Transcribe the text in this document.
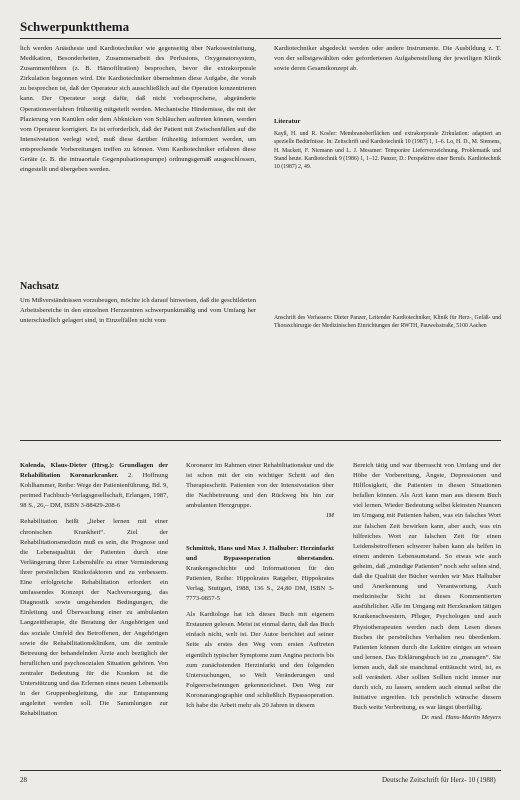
Schwerpunktthema

lich werden Anästhesie und Kardiotechniker wie gegenseitig über Narkoseeinleitung, Medikation, Besonderheiten, Zusammenarbeit des Perfusions, Oxygenatorsystem, Zusammenführen (z. B. Hämofiltration) besprochen, bevor die extrakorporale Zirkulation begonnen wird. Die Kardiotechniker übernehmen diese Aufgabe, die vorab zu besprechen ist, daß der Operateur sich ausschließlich auf die Operation konzentrieren kann. Der Operateur sorgt dafür, daß nicht vorbesprochene, abgeänderte Operationsverfahren frühzeitig mitgeteilt werden. Mechanische Hindernisse, die mit der Plazierung von Kanülen oder dem Abknicken von Schläuchen auftreten können, werden vom Operateur korrigiert. Es ist erforderlich, daß der Patient mit Zwischenfällen auf die Intensivstation verlegt wird, muß diese darüber frühzeitig informiert werden, um entsprechende Vorbereitungen treffen zu können. Vom Kardiotechniker erfahren diese Geräte (z. B. die intraaortale Gegenpulsationspumpe) ordnungsgemäß ausgeschlossen, eingestellt und übergeben werden.

Kardiotechniker abgedeckt werden oder andere Instrumente. Die Ausbildung z. T. von der selbstgewählten oder gefordertenen Aufgabenstellung der jeweiligen Klinik sowie deren Gesamtkonzept ab.

Literatur

Kayß, H. und R. Kosler: Membranoberflächen und extrakorporale Zirkulation: adaptiert an spezielle Bedürfnisse. In: Zeitschrift und Kardiotechnik 10 (1987) 1, 1–6. Lo, H. D., M. Siemens, H. Mackeit, F. Niemann und L. J. Messmer: Temporäre Lieferverzeichnung. Problematik und Stand heute. Kardiotechnik 9 (1986) 1, 1–12. Panzer, D.: Perspektive einer Berufs. Kardiotechnik 10 (1987) 2, 49.

Nachsatz

Um Mißverständnissen vorzubeugen, möchte ich darauf hinweisen, daß die geschilderten Arbeitsbereiche in den einzelnen Herzzentren schwerpunktmäßig und vom Umfang her unterschiedlich gelagert sind, in Einzelfällen nicht vom	Anschrift des Verfassers: Dieter Panzer, Leitender Kardiotechniker, Klinik für Herz-, Gefäß- und Thoraxchirurgie der Medizinischen Einrichtungen der RWTH, Pauwelsstraße, 5100 Aachen

Kolenda, Klaus-Dieter (Hrsg.): Grundlagen der Rehabilitation Koronarkranker. 2. Hoffnung Kohlhammer, Reihe: Wege der Patientenführung, Bd. 9, perimed Fachbuch-Verlagsgesellschaft, Erlangen, 1987, 98 S., 26,– DM, ISBN 3-88429-208-6

Rehabilitation heißt „lieber lernen mit einer chronischen Krankheit“. Ziel der Rehabilitationsmedizin muß es sein, die Prognose und die Lebensqualität der Patienten durch eine Verlängerung ihrer Lebenshilfe zu einer Verminderung ihrer persönlichen Risikofaktoren und zu verbessern. Eine erfolgreiche Rehabilitation erfordert ein umfassendes Konzept der Nachversorgung, das Diagnostik sowie umgehenden Bedingungen, die Einleitung und Überwachung einer zu ambulanten Langzeittherapie, die Beratung der Angehörigen und das soziale Umfeld des Betroffenen, der Angehörigen sowie die Rehabilitationskliniken, um die zentrale Betreuung der behandelnden Ärzte auch bezüglich der beruflichen und psychosozialen Situation gehören. Von zentraler Bedeutung für die Kranken ist die Unterstützung und das Erlernen eines neuen Lebensstils in der Gruppenbegleitung, die zur Entspannung angeleitet werden soll. Die Sammlungen zur Rehabilitation

Koronarer im Rahmen einer Rehabilitationskur und die ist schon mit der ein wichtiger Schritt auf den Therapieschritt. Patienten von der Intensivstation über die Nachbetreuung und den Rückweg bis hin zur ambulanten Herzgruppe.

IM

Schmittek, Hans und Max J. Halhuber: Herzinfarkt und Bypassoperation überstanden. Krankengeschichte und Informationen für den Patienten, Reihe: Hippokrates Ratgeber, Hippokrates Verlag, Stuttgart, 1988, 136 S., 24,80 DM, ISBN 3-7773-0857-5

Als Kardiologe hat ich dieses Buch mit eigenem Erstaunen gelesen. Meist ist einmal darin, daß das Buch einfach nicht, welt ist. Der Autor berichtet auf seiner Seite als erstes den Weg vom ersten Auftreten eigentlich typischer Symptome zum Angina pectoris bis zum zunächstenden Herzinfarkt und den folgenden Untersuchungen, so Welt Veränderungen und Folgeerscheinungen gekennzeichnet. Den Weg zur Koronarangiographie und schließlich Bypassoperation. Ich habe die Arbeit mehr als 20 Jahren in diesem

Bereich tätig und war überrascht von Umfang und der Höhe der Vorbereitung, Ängste, Depressionen und Hilflosigkeit, die Patienten in diesen Situationen befallen können. Als Arzt kann man aus diesem Buch viel lernen. Wieder Bedeutung selbst kleinsten Nuancen im Umgang mit Patienten haben, was ein falsches Wort zur falschen Zeit bewirken kann, aber auch, was ein hilfreiches Wort zur falschen Zeit für einen Leidensbetroffenen schwerer haben kann als helfen in einem anderen Lebensumstand. So etwas wie auch geheim, daß „mündige Patienten“ noch sehr selten sind, daß die Qualität der Bücher werden wir Max Halhuber und Anerkennung und Verantwortung, Auch medizinische Sicht ist dieses Kommentierten ausführlicher. Alle im Umgang mit Herzkranken tätigen Krankenschwestern, Pfleger, Psychologen und auch Physiotherapeuten werden nach dem Lesen dieses Buches ihr persönliches Verhalten neu überdenken. Patienten können durch die Lektüre einiges an wissen und lernen. Das Erklärungsbuch ist zu „managen“. Sie lernen auch, daß sie manchmal enttäuscht wird, ist, es soll verändert. Aber sollten Sollten nicht immer nur durch sich, zu lassen, sondern auch einmal selbst die Initiative ergreifen. Ich persönlich wünsche diesem Buch weite Verbreitung, es war längst überfällig.

Dr. med. Hans-Martin Meyers

28	Deutsche Zeitschrift für Herz- 10 (1988)
